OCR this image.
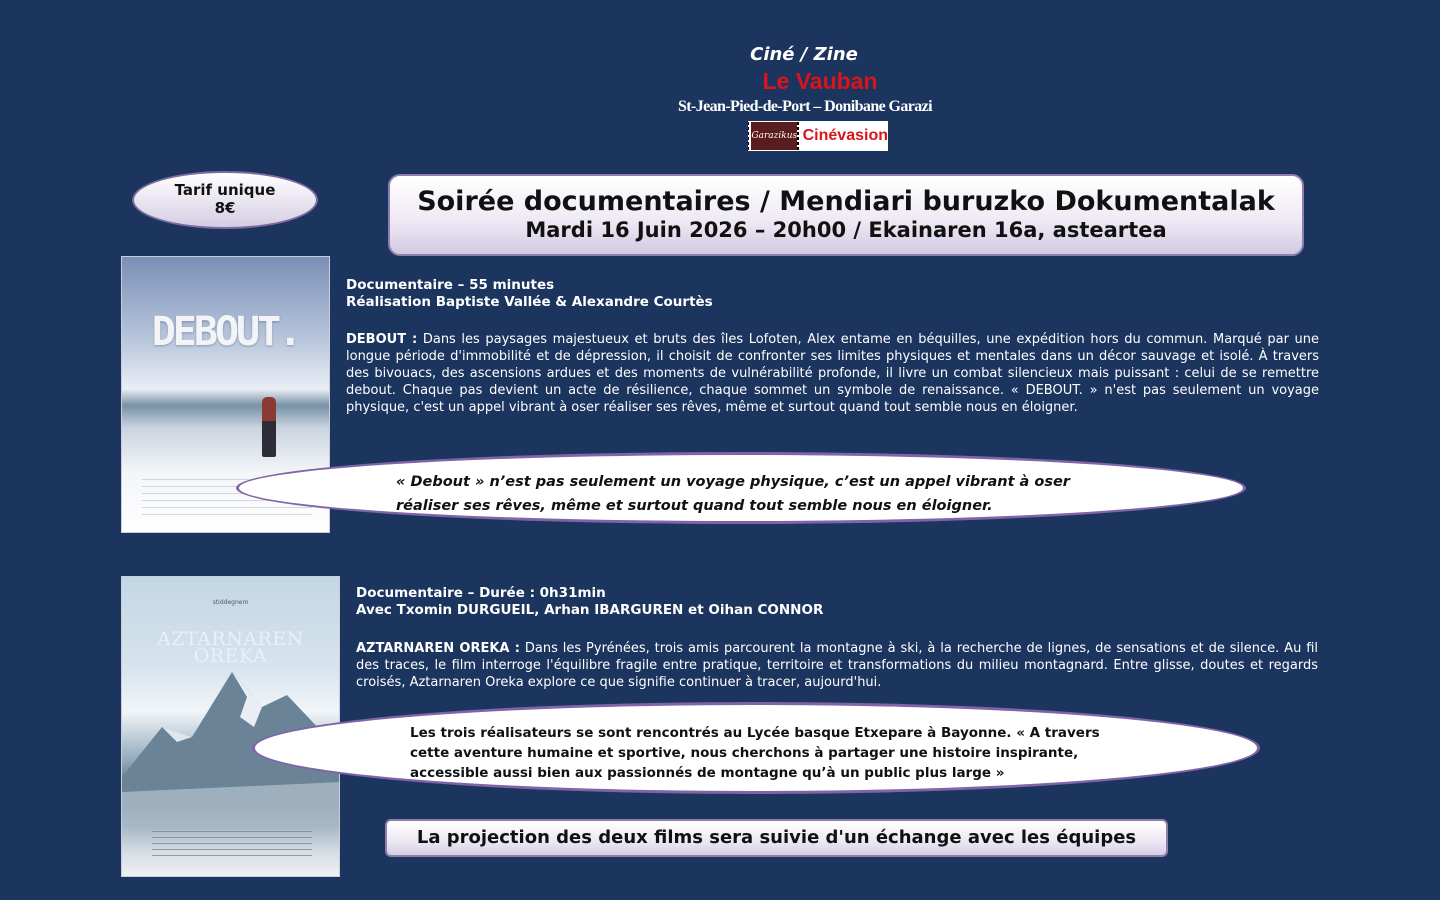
Ciné / Zine
Le Vauban
St-Jean-Pied-de-Port – Donibane Garazi
Garazikus Cinévasion
Tarif unique
8€	Soirée documentaires / Mendiari buruzko Dokumentalak
Mardi 16 Juin 2026 – 20h00 / Ekainaren 16a, asteartea
DEBOUT.
Documentaire – 55 minutes
Réalisation Baptiste Vallée & Alexandre Courtès
DEBOUT : Dans les paysages majestueux et bruts des îles Lofoten, Alex entame en béquilles, une expédition hors du commun. Marqué par une longue période d'immobilité et de dépression, il choisit de confronter ses limites physiques et mentales dans un décor sauvage et isolé. À travers des bivouacs, des ascensions ardues et des moments de vulnérabilité profonde, il livre un combat silencieux mais puissant : celui de se remettre debout. Chaque pas devient un acte de résilience, chaque sommet un symbole de renaissance. « DEBOUT. » n'est pas seulement un voyage physique, c'est un appel vibrant à oser réaliser ses rêves, même et surtout quand tout semble nous en éloigner.
« Debout » n’est pas seulement un voyage physique, c’est un appel vibrant à oser réaliser ses rêves, même et surtout quand tout semble nous en éloigner.
stiddegnem
AZTARNAREN
OREKA
Documentaire – Durée : 0h31min
Avec Txomin DURGUEIL, Arhan IBARGUREN et Oihan CONNOR
AZTARNAREN OREKA : Dans les Pyrénées, trois amis parcourent la montagne à ski, à la recherche de lignes, de sensations et de silence. Au fil des traces, le film interroge l'équilibre fragile entre pratique, territoire et transformations du milieu montagnard. Entre glisse, doutes et regards croisés, Aztarnaren Oreka explore ce que signifie continuer à tracer, aujourd'hui.
Les trois réalisateurs se sont rencontrés au Lycée basque Etxepare à Bayonne. « A travers cette aventure humaine et sportive, nous cherchons à partager une histoire inspirante, accessible aussi bien aux passionnés de montagne qu’à un public plus large »
La projection des deux films sera suivie d'un échange avec les équipes
